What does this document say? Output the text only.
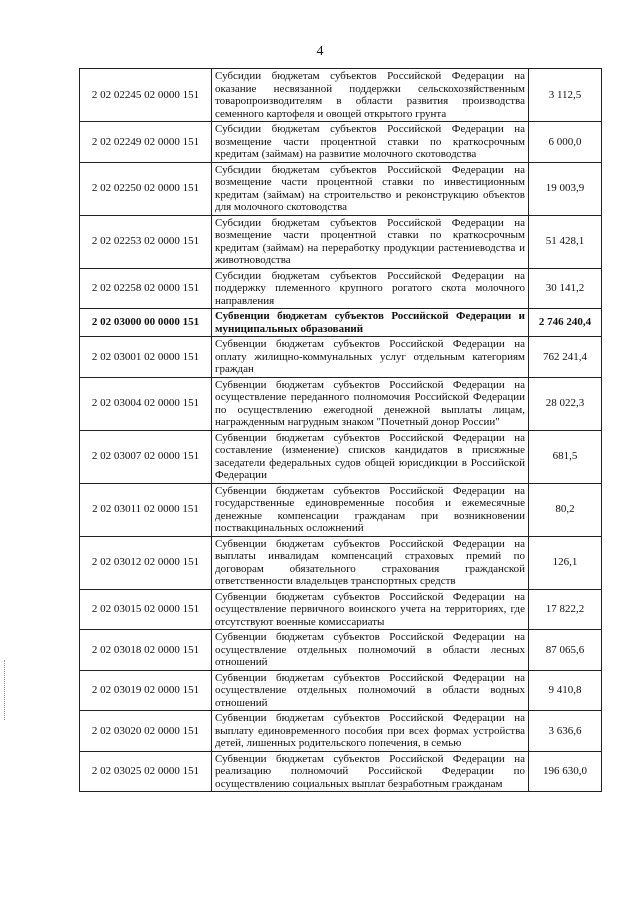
4
2 02 02245 02 0000 151	Субсидии бюджетам субъектов Российской Федерации на оказание несвязанной поддержки сельскохозяйственным товаропроизводителям в области развития производства семенного картофеля и овощей открытого грунта	3 112,5
2 02 02249 02 0000 151	Субсидии бюджетам субъектов Российской Федерации на возмещение части процентной ставки по краткосрочным кредитам (займам) на развитие молочного скотоводства	6 000,0
2 02 02250 02 0000 151	Субсидии бюджетам субъектов Российской Федерации на возмещение части процентной ставки по инвестиционным кредитам (займам) на строительство и реконструкцию объектов для молочного скотоводства	19 003,9
2 02 02253 02 0000 151	Субсидии бюджетам субъектов Российской Федерации на возмещение части процентной ставки по краткосрочным кредитам (займам) на переработку продукции растениеводства и животноводства	51 428,1
2 02 02258 02 0000 151	Субсидии бюджетам субъектов Российской Федерации на поддержку племенного крупного рогатого скота молочного направления	30 141,2
2 02 03000 00 0000 151	Субвенции бюджетам субъектов Российской Федерации и муниципальных образований	2 746 240,4
2 02 03001 02 0000 151	Субвенции бюджетам субъектов Российской Федерации на оплату жилищно-коммунальных услуг отдельным категориям граждан	762 241,4
2 02 03004 02 0000 151	Субвенции бюджетам субъектов Российской Федерации на осуществление переданного полномочия Российской Федерации по осуществлению ежегодной денежной выплаты лицам, награжденным нагрудным знаком "Почетный донор России"	28 022,3
2 02 03007 02 0000 151	Субвенции бюджетам субъектов Российской Федерации на составление (изменение) списков кандидатов в присяжные заседатели федеральных судов общей юрисдикции в Российской Федерации	681,5
2 02 03011 02 0000 151	Субвенции бюджетам субъектов Российской Федерации на государственные единовременные пособия и ежемесячные денежные компенсации гражданам при возникновении поствакцинальных осложнений	80,2
2 02 03012 02 0000 151	Субвенции бюджетам субъектов Российской Федерации на выплаты инвалидам компенсаций страховых премий по договорам обязательного страхования гражданской ответственности владельцев транспортных средств	126,1
2 02 03015 02 0000 151	Субвенции бюджетам субъектов Российской Федерации на осуществление первичного воинского учета на территориях, где отсутствуют военные комиссариаты	17 822,2
2 02 03018 02 0000 151	Субвенции бюджетам субъектов Российской Федерации на осуществление отдельных полномочий в области лесных отношений	87 065,6
2 02 03019 02 0000 151	Субвенции бюджетам субъектов Российской Федерации на осуществление отдельных полномочий в области водных отношений	9 410,8
2 02 03020 02 0000 151	Субвенции бюджетам субъектов Российской Федерации на выплату единовременного пособия при всех формах устройства детей, лишенных родительского попечения, в семью	3 636,6
2 02 03025 02 0000 151	Субвенции бюджетам субъектов Российской Федерации на реализацию полномочий Российской Федерации по осуществлению социальных выплат безработным гражданам	196 630,0
